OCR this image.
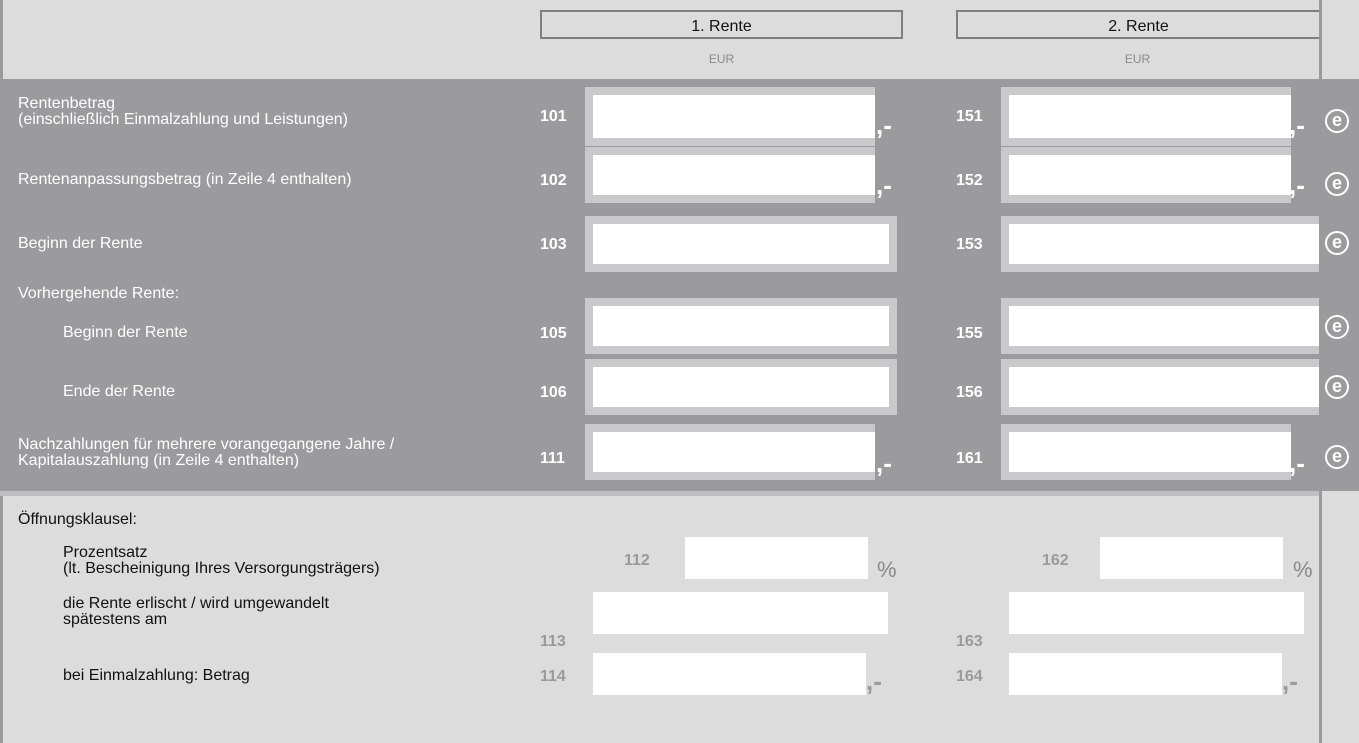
1. Rente	2. Rente
EUR	EUR
Rentenbetrag
(einschließlich Einmalzahlung und Leistungen)	101	,-	151	,-	e
Rentenanpassungsbetrag (in Zeile 4 enthalten)	102	,-	152	,-	e
Beginn der Rente	103	153	e
Vorhergehende Rente:
Beginn der Rente	105	155	e
Ende der Rente	106	156	e
Nachzahlungen für mehrere vorangegangene Jahre /
Kapitalauszahlung (in Zeile 4 enthalten)	111	,-	161	,-	e
Öffnungsklausel:
Prozentsatz
(lt. Bescheinigung Ihres Versorgungsträgers)	112	%	162	%
die Rente erlischt / wird umgewandelt
spätestens am
113	163
bei Einmalzahlung: Betrag	114	,-	164	,-
